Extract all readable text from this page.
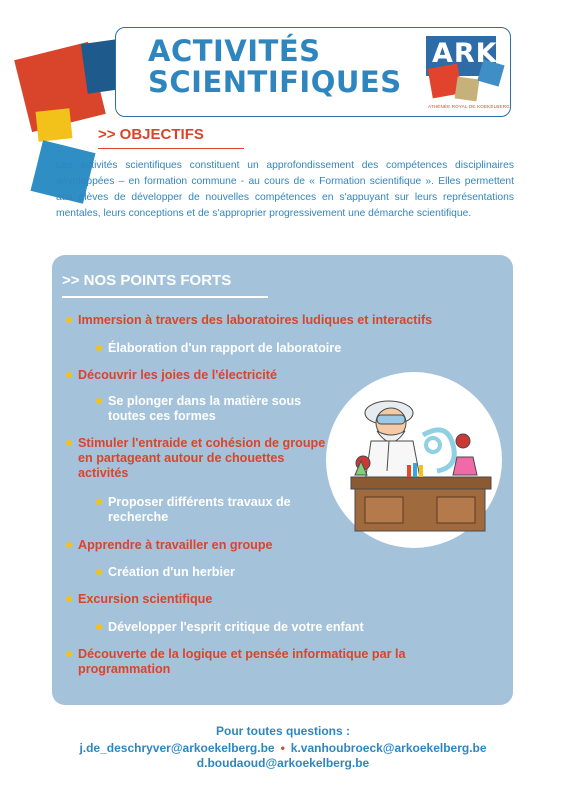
ACTIVITÉS
SCIENTIFIQUES
ARK
ATHÉNÉE ROYAL DE KOEKELBERG
>> OBJECTIFS

Les activités scientifiques constituent un approfondissement des compétences disciplinaires développées – en formation commune - au cours de « Formation scientifique ». Elles permettent aux élèves de développer de nouvelles compétences en s'appuyant sur leurs représentations mentales, leurs conceptions et de s'approprier progressivement une démarche scientifique.

>> NOS POINTS FORTS

Immersion à travers des laboratoires ludiques et interactifs

Élaboration d'un rapport de laboratoire

Découvrir les joies de l'électricité

Se plonger dans la matière sous toutes ces formes

Stimuler l'entraide et cohésion de groupe en partageant autour de chouettes activités

Proposer différents travaux de recherche

Apprendre à travailler en groupe

Création d'un herbier

Excursion scientifique

Développer l'esprit critique de votre enfant

Découverte de la logique et pensée informatique par la programmation

Pour toutes questions :

j.de_deschryver@arkoekelberg.be • k.vanhoubroeck@arkoekelberg.be

d.boudaoud@arkoekelberg.be
